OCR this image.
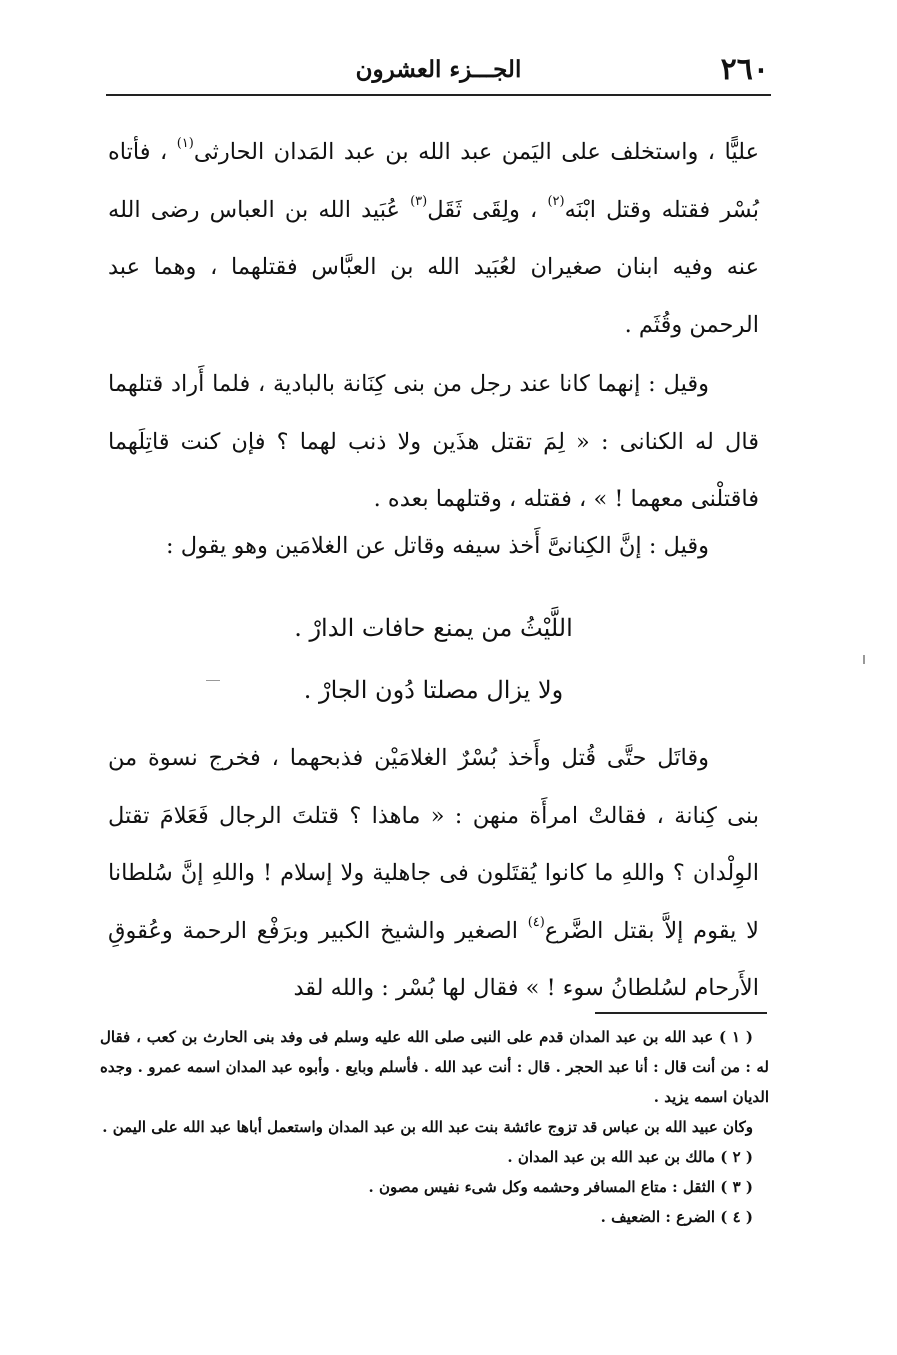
٢٦٠
الجـــزء العشرون
عليًّا ، واستخلف على اليَمن عبد الله بن عبد المَدان الحارثى$^{(١)}$ ، فأتاه بُسْر فقتله وقتل ابْنَه$^{(٢)}$ ، ولِقَى ثَقَل$^{(٣)}$ عُبَيد الله بن العباس رضى الله عنه وفيه ابنان صغيران لعُبَيد الله بن العبَّاس فقتلهما ، وهما عبد الرحمن وقُثَم .
وقيل : إنهما كانا عند رجل من بنى كِنَانة بالبادية ، فلما أَراد قتلهما قال له الكنانى : « لِمَ تقتل هذَين ولا ذنب لهما ؟ فإن كنت قاتِلَهما فاقتلْنى معهما ! » ، فقتله ، وقتلهما بعده .
وقيل : إنَّ الكِنانىَّ أَخذ سيفه وقاتل عن الغلامَين وهو يقول :
اللَّيْثُ من يمنع حافات الدارْ .
ولا يزال مصلتا دُون الجارْ .
وقاتَل حتَّى قُتل وأَخذ بُسْرٌ الغلامَيْن فذبحهما ، فخرج نسوة من بنى كِنانة ، فقالتْ امرأَة منهن : « ماهذا ؟ قتلتَ الرجال فَعَلامَ تقتل الوِلْدان ؟ واللهِ ما كانوا يُقتَلون فى جاهلية ولا إسلام ! واللهِ إنَّ سُلطانا لا يقوم إلاَّ بقتل الضَّرع$^{(٤)}$ الصغير والشيخ الكبير وبرَفْع الرحمة وعُقوقِ الأَرحام لسُلطانُ سوء ! » فقال لها بُسْر : والله لقد
( ١ ) عبد الله بن عبد المدان قدم على النبى صلى الله عليه وسلم فى وفد بنى الحارث بن كعب ، فقال له : من أنت قال : أنا عبد الحجر . قال : أنت عبد الله . فأسلم وبايع . وأبوه عبد المدان اسمه عمرو . وجده الديان اسمه يزيد .
وكان عبيد الله بن عباس قد تزوج عائشة بنت عبد الله بن عبد المدان واستعمل أباها عبد الله على اليمن .
( ٢ ) مالك بن عبد الله بن عبد المدان .
( ٣ ) الثقل : متاع المسافر وحشمه وكل شىء نفيس مصون .
( ٤ ) الضرع : الضعيف .
